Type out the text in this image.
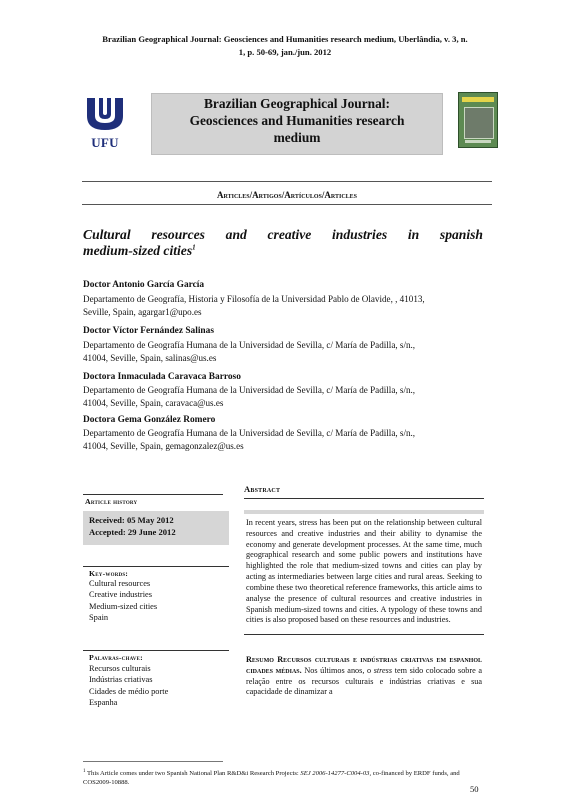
Brazilian Geographical Journal: Geosciences and Humanities research medium, Uberlândia, v. 3, n.
1, p. 50-69, jan./jun. 2012
UFU
Brazilian Geographical Journal:
Geosciences and Humanities research
medium
Articles/Artigos/Artículos/Articles
Cultural resources and creative industries in spanish
medium-sized cities$^1$
Doctor Antonio García García
Departamento de Geografía, Historia y Filosofía de la Universidad Pablo de Olavide, , 41013,
Seville, Spain, agargar1@upo.es
Doctor Víctor Fernández Salinas
Departamento de Geografía Humana de la Universidad de Sevilla, c/ María de Padilla, s/n.,
41004, Seville, Spain, salinas@us.es
Doctora Inmaculada Caravaca Barroso
Departamento de Geografía Humana de la Universidad de Sevilla, c/ María de Padilla, s/n.,
41004, Seville, Spain, caravaca@us.es
Doctora Gema González Romero
Departamento de Geografía Humana de la Universidad de Sevilla, c/ María de Padilla, s/n.,
41004, Seville, Spain, gemagonzalez@us.es
Article history
Received: 05 May 2012
Accepted: 29 June 2012
Key-words:
Cultural resources
Creative industries
Medium-sized cities
Spain
Abstract
In recent years, stress has been put on the relationship between cultural resources and creative industries and their ability to dynamise the economy and generate development processes. At the same time, much geographical research and some public powers and institutions have highlighted the role that medium-sized towns and cities can play by acting as intermediaries between large cities and rural areas. Seeking to combine these two theoretical reference frameworks, this article aims to analyse the presence of cultural resources and creative industries in Spanish medium-sized towns and cities. A typology of these towns and cities is also proposed based on these resources and industries.
Palavras-chave:
Recursos culturais
Indústrias criativas
Cidades de médio porte
Espanha
Resumo Recursos culturais e indústrias criativas em espanhol cidades médias. Nos últimos anos, o stress tem sido colocado sobre a relação entre os recursos culturais e indústrias criativas e sua capacidade de dinamizar a
$^1$ This Article comes under two Spanish National Plan R&D&i Research Projects: SEJ 2006-14277-C004-03, co-financed by ERDF funds, and COS2009-10888.
50
